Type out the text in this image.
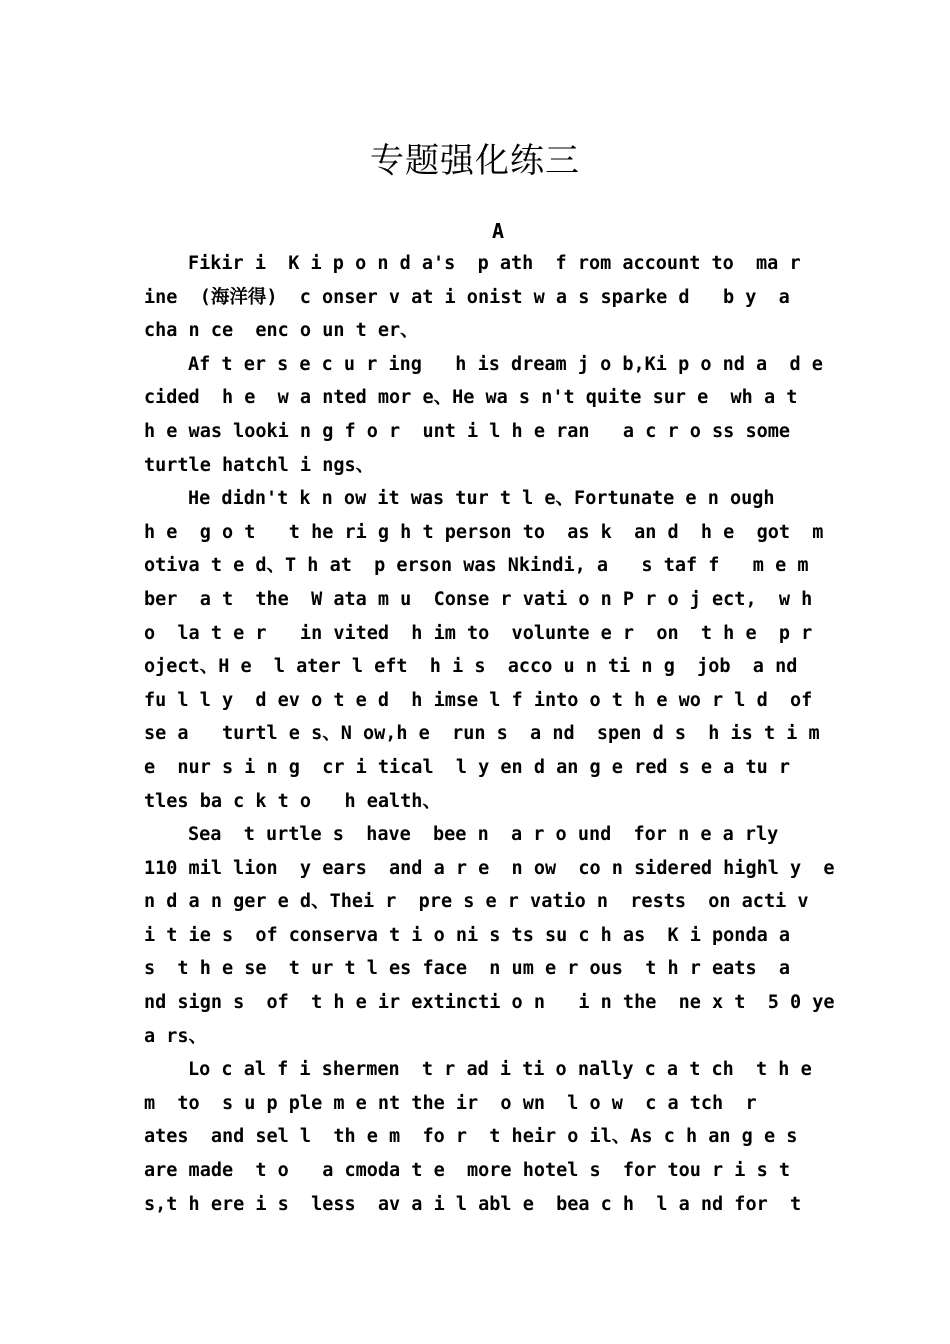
专题强化练三
A
Fikir i  K i p o n d a's  p ath  f rom account to  ma r
ine  (海洋得)  c onser v at i onist w a s sparke d   b y  a
cha n ce  enc o un t er、
Af t er s e c u r ing   h is dream j o b,Ki p o nd a  d e
cided  h e  w a nted mor e、He wa s n't quite sur e  wh a t
h e was looki n g f o r  unt i l h e ran   a c r o ss some
turtle hatchl i ngs、
He didn't k n ow it was tur t l e、Fortunate e n ough
h e  g o t   t he ri g h t person to  as k  an d  h e  got  m
otiva t e d、T h at  p erson was Nkindi, a   s taf f   m e m
ber  a t  the  W ata m u  Conse r vati o n P r o j ect,  w h
o  la t e r   in vited  h im to  volunte e r  on  t h e  p r
oject、H e  l ater l eft  h i s  acco u n ti n g  job  a nd
fu l l y  d ev o t e d  h imse l f into o t h e wo r l d  of
se a   turtl e s、N ow,h e  run s  a nd  spen d s  h is t i m
e  nur s i n g  cr i tical  l y en d an g e red s e a tu r
tles ba c k t o   h ealth、
Sea  t urtle s  have  bee n  a r o und  for n e a rly
110 mil lion  y ears  and a r e  n ow  co n sidered highl y  e
n d a n ger e d、Thei r  pre s e r vatio n  rests  on acti v
i t ie s  of conserva t i o ni s ts su c h as  K i ponda a
s  t h e se  t ur t l es face  n um e r ous  t h r eats  a
nd sign s  of  t h e ir extincti o n   i n the  ne x t  5 0 ye
a rs、
Lo c al f i shermen  t r ad i ti o nally c a t ch  t h e
m  to  s u p ple m e nt the ir  o wn  l o w  c a tch  r
ates  and sel l  th e m  fo r  t heir o il、As c h an g e s
are made  t o   a cmoda t e  more hotel s  for tou r i s t
s,t h ere i s  less  av a i l abl e  bea c h  l a nd for  t
